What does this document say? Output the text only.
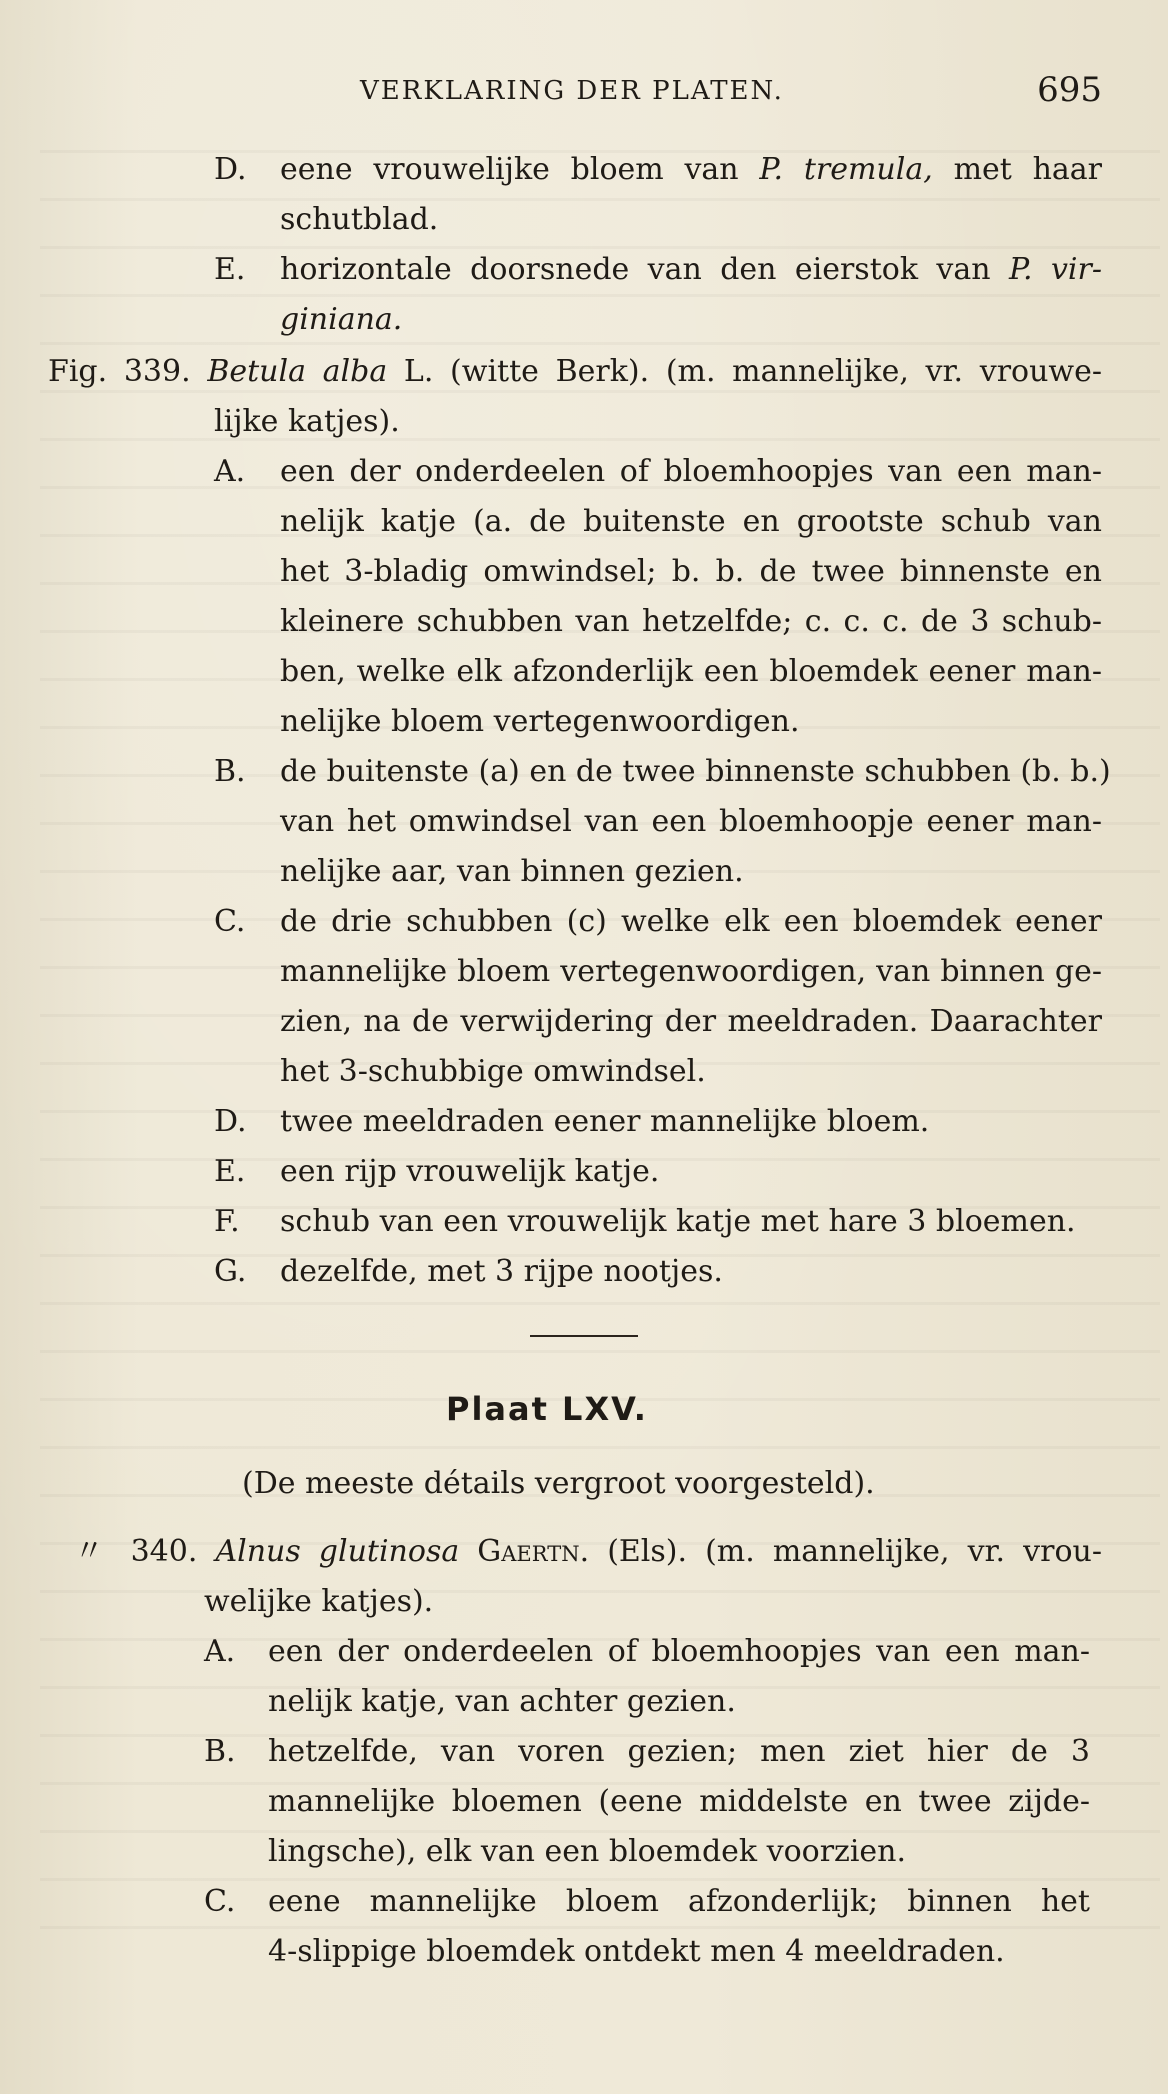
VERKLARING DER PLATEN.	695
D. eene vrouwelijke bloem van P. tremula, met haar
schutblad.
E. horizontale doorsnede van den eierstok van P. vir-
giniana.
Fig. 339. Betula alba L. (witte Berk). (m. mannelijke, vr. vrouwe-
lijke katjes).
A. een der onderdeelen of bloemhoopjes van een man-
nelijk katje (a. de buitenste en grootste schub van
het 3-bladig omwindsel; b. b. de twee binnenste en
kleinere schubben van hetzelfde; c. c. c. de 3 schub-
ben, welke elk afzonderlijk een bloemdek eener man-
nelijke bloem vertegenwoordigen.
B. de buitenste (a) en de twee binnenste schubben (b. b.)
van het omwindsel van een bloemhoopje eener man-
nelijke aar, van binnen gezien.
C. de drie schubben (c) welke elk een bloemdek eener
mannelijke bloem vertegenwoordigen, van binnen ge-
zien, na de verwijdering der meeldraden. Daarachter
het 3-schubbige omwindsel.
D. twee meeldraden eener mannelijke bloem.
E. een rijp vrouwelijk katje.
F. schub van een vrouwelijk katje met hare 3 bloemen.
G. dezelfde, met 3 rijpe nootjes.
Plaat LXV.
(De meeste détails vergroot voorgesteld).
〃 340. Alnus glutinosa Gaertn. (Els). (m. mannelijke, vr. vrou-
welijke katjes).
A. een der onderdeelen of bloemhoopjes van een man-
nelijk katje, van achter gezien.
B. hetzelfde, van voren gezien; men ziet hier de 3
mannelijke bloemen (eene middelste en twee zijde-
lingsche), elk van een bloemdek voorzien.
C. eene mannelijke bloem afzonderlijk; binnen het
4-slippige bloemdek ontdekt men 4 meeldraden.
